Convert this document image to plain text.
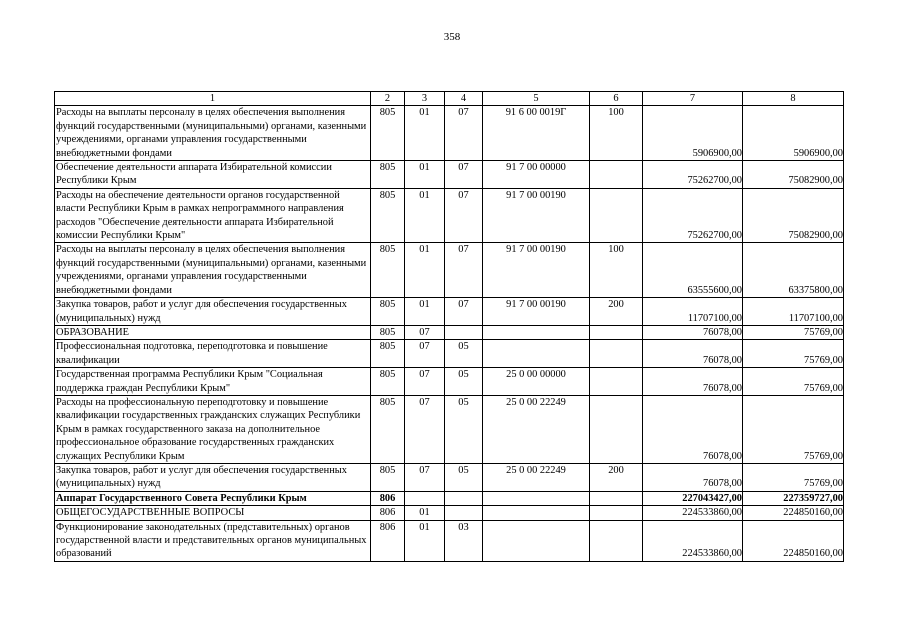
358
1	2	3	4	5	6	7	8
Расходы на выплаты персоналу в целях обеспечения выполнения функций государственными (муниципальными) органами, казенными учреждениями, органами управления государственными внебюджетными фондами	805	01	07	91 6 00 0019Г	100	5906900,00	5906900,00
Обеспечение деятельности аппарата Избирательной комиссии Республики Крым	805	01	07	91 7 00 00000		75262700,00	75082900,00
Расходы на обеспечение деятельности органов государственной власти Республики Крым в рамках непрограммного направления расходов "Обеспечение деятельности аппарата Избирательной комиссии Республики Крым"	805	01	07	91 7 00 00190		75262700,00	75082900,00
Расходы на выплаты персоналу в целях обеспечения выполнения функций государственными (муниципальными) органами, казенными учреждениями, органами управления государственными внебюджетными фондами	805	01	07	91 7 00 00190	100	63555600,00	63375800,00
Закупка товаров, работ и услуг для обеспечения государственных (муниципальных) нужд	805	01	07	91 7 00 00190	200	11707100,00	11707100,00
ОБРАЗОВАНИЕ	805	07				76078,00	75769,00
Профессиональная подготовка, переподготовка и повышение квалификации	805	07	05			76078,00	75769,00
Государственная программа Республики Крым "Социальная поддержка граждан Республики Крым"	805	07	05	25 0 00 00000		76078,00	75769,00
Расходы на профессиональную переподготовку и повышение квалификации государственных гражданских служащих Республики Крым в рамках государственного заказа на дополнительное профессиональное образование государственных гражданских служащих Республики Крым	805	07	05	25 0 00 22249		76078,00	75769,00
Закупка товаров, работ и услуг для обеспечения государственных (муниципальных) нужд	805	07	05	25 0 00 22249	200	76078,00	75769,00
Аппарат Государственного Совета Республики Крым	806					227043427,00	227359727,00
ОБЩЕГОСУДАРСТВЕННЫЕ ВОПРОСЫ	806	01				224533860,00	224850160,00
Функционирование законодательных (представительных) органов государственной власти и представительных органов муниципальных образований	806	01	03			224533860,00	224850160,00
